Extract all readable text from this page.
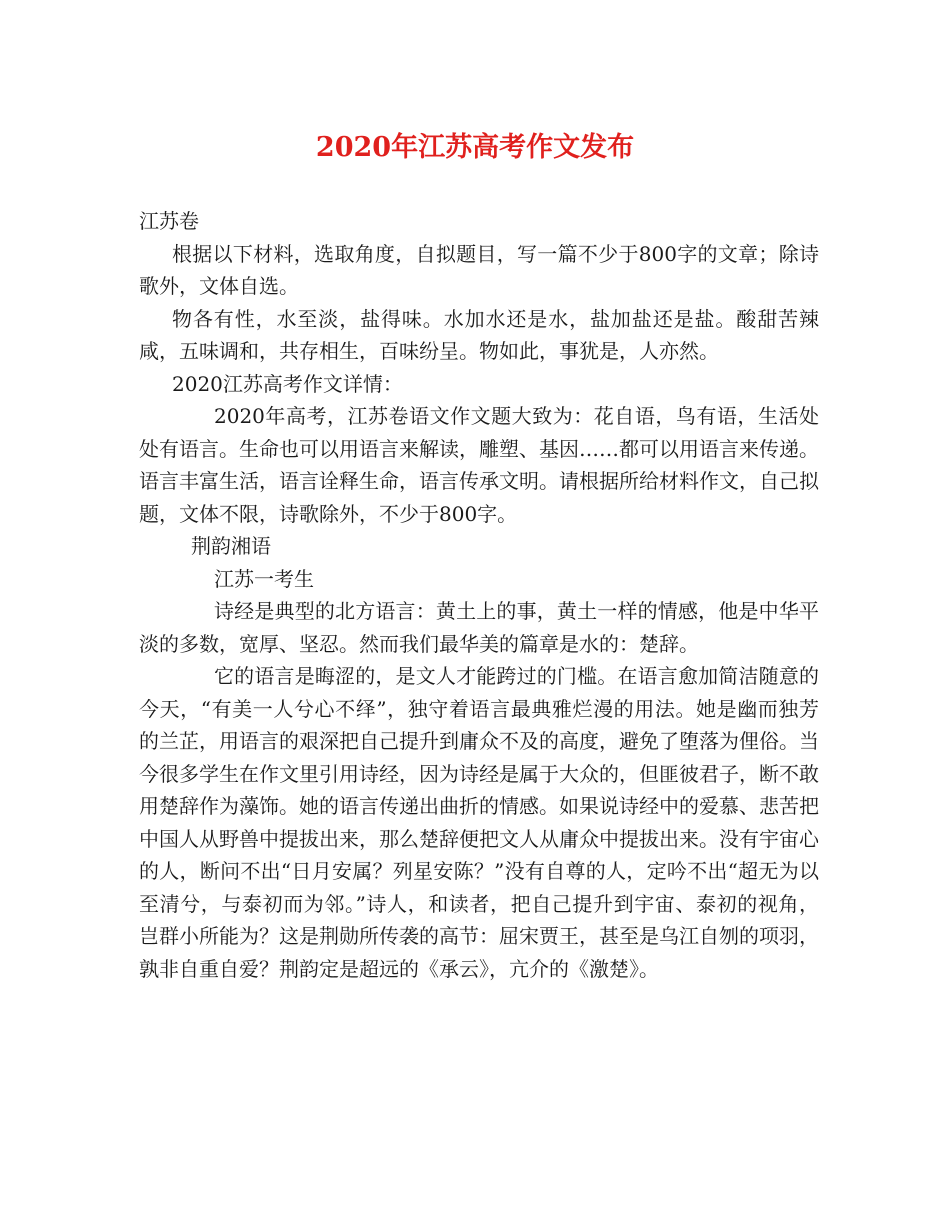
2020年江苏高考作文发布

江苏卷

根据以下材料，选取角度，自拟题目，写一篇不少于800字的文章；除诗歌外，文体自选。

物各有性，水至淡，盐得味。水加水还是水，盐加盐还是盐。酸甜苦辣咸，五味调和，共存相生，百味纷呈。物如此，事犹是，人亦然。

2020江苏高考作文详情：

2020年高考，江苏卷语文作文题大致为：花自语，鸟有语，生活处处有语言。生命也可以用语言来解读，雕塑、基因……都可以用语言来传递。语言丰富生活，语言诠释生命，语言传承文明。请根据所给材料作文，自己拟题，文体不限，诗歌除外，不少于800字。

荆韵湘语

江苏一考生

诗经是典型的北方语言：黄土上的事，黄土一样的情感，他是中华平淡的多数，宽厚、坚忍。然而我们最华美的篇章是水的：楚辞。

它的语言是晦涩的，是文人才能跨过的门槛。在语言愈加简洁随意的今天，“有美一人兮心不绎”，独守着语言最典雅烂漫的用法。她是幽而独芳的兰芷，用语言的艰深把自己提升到庸众不及的高度，避免了堕落为俚俗。当今很多学生在作文里引用诗经，因为诗经是属于大众的，但匪彼君子，断不敢用楚辞作为藻饰。她的语言传递出曲折的情感。如果说诗经中的爱慕、悲苦把中国人从野兽中提拔出来，那么楚辞便把文人从庸众中提拔出来。没有宇宙心的人，断问不出“日月安属？列星安陈？”没有自尊的人，定吟不出“超无为以至清兮，与泰初而为邻。”诗人，和读者，把自己提升到宇宙、泰初的视角，岂群小所能为？这是荆勋所传袭的高节：屈宋贾王，甚至是乌江自刎的项羽，孰非自重自爱？荆韵定是超远的《承云》，亢介的《激楚》。
